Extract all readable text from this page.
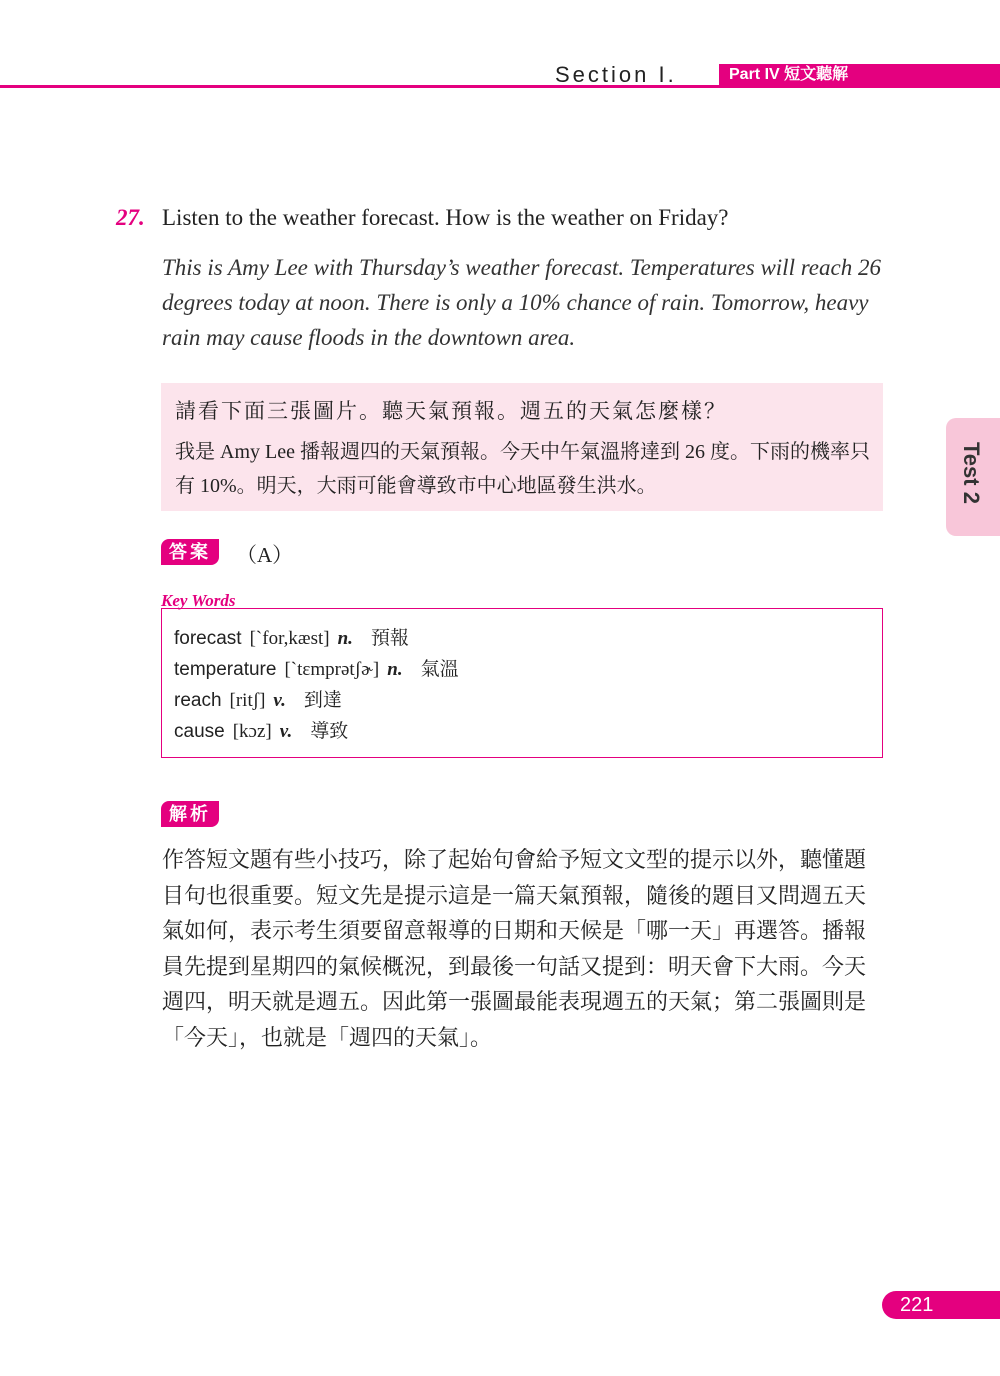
Section I.	Part IV 短文聽解
Test 2
27. Listen to the weather forecast. How is the weather on Friday?

This is Amy Lee with Thursday’s weather forecast. Temperatures will reach 26 degrees today at noon. There is only a 10% chance of rain. Tomorrow, heavy rain may cause floods in the downtown area.

請看下面三張圖片。聽天氣預報。週五的天氣怎麼樣？

我是 Amy Lee 播報週四的天氣預報。今天中午氣溫將達到 26 度。下雨的機率只有 10%。明天，大雨可能會導致市中心地區發生洪水。

答案	（A）
Key Words
forecast [ˋfor,kæst] n. 預報
temperature [ˋtɛmprətʃɚ] n. 氣溫
reach [ritʃ] v. 到達
cause [kɔz] v. 導致
解析

作答短文題有些小技巧，除了起始句會給予短文文型的提示以外，聽懂題目句也很重要。短文先是提示這是一篇天氣預報，隨後的題目又問週五天氣如何，表示考生須要留意報導的日期和天候是「哪一天」再選答。播報員先提到星期四的氣候概況，到最後一句話又提到：明天會下大雨。今天週四，明天就是週五。因此第一張圖最能表現週五的天氣；第二張圖則是「今天」，也就是「週四的天氣」。

221
